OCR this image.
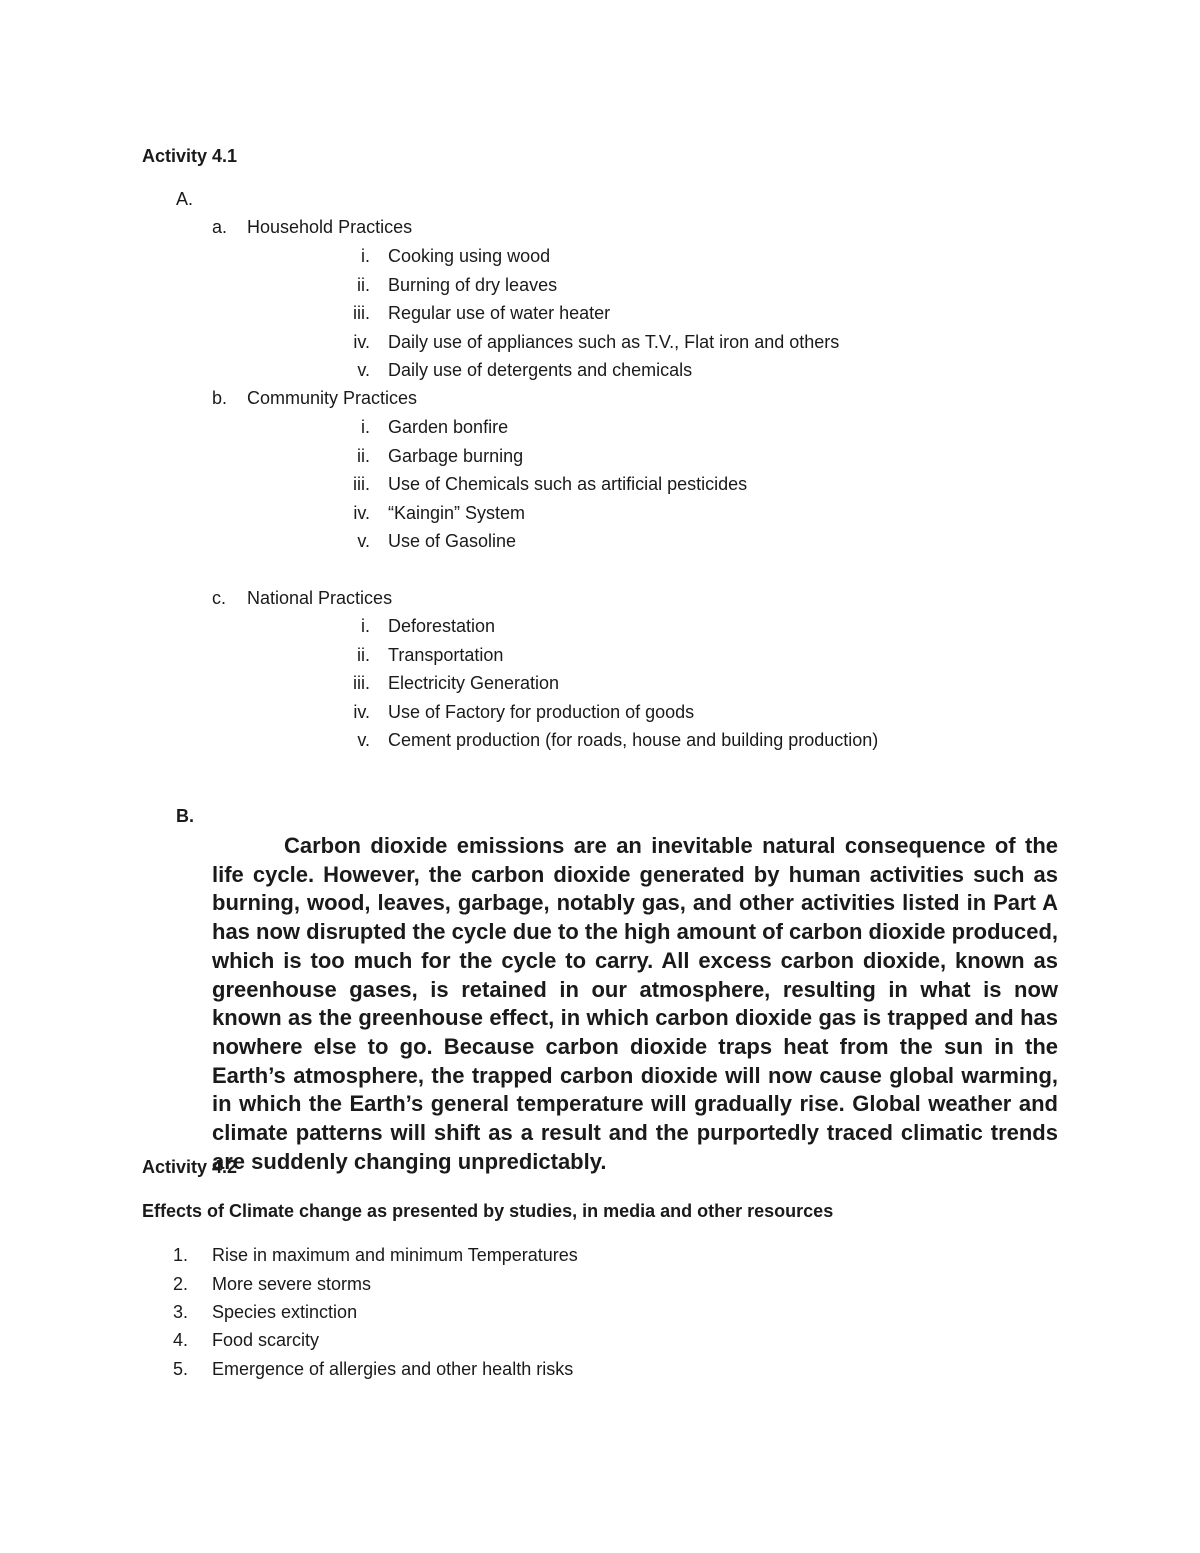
Activity 4.1
A.
a. Household Practices
i. Cooking using wood
ii. Burning of dry leaves
iii. Regular use of water heater
iv. Daily use of appliances such as T.V., Flat iron and others
v. Daily use of detergents and chemicals
b. Community Practices
i. Garden bonfire
ii. Garbage burning
iii. Use of Chemicals such as artificial pesticides
iv. “Kaingin” System
v. Use of Gasoline
c. National Practices
i. Deforestation
ii. Transportation
iii. Electricity Generation
iv. Use of Factory for production of goods
v. Cement production (for roads, house and building production)
B.
Carbon dioxide emissions are an inevitable natural consequence of the life cycle. However, the carbon dioxide generated by human activities such as burning, wood, leaves, garbage, notably gas, and other activities listed in Part A has now disrupted the cycle due to the high amount of carbon dioxide produced, which is too much for the cycle to carry. All excess carbon dioxide, known as greenhouse gases, is retained in our atmosphere, resulting in what is now known as the greenhouse effect, in which carbon dioxide gas is trapped and has nowhere else to go. Because carbon dioxide traps heat from the sun in the Earth’s atmosphere, the trapped carbon dioxide will now cause global warming, in which the Earth’s general temperature will gradually rise. Global weather and climate patterns will shift as a result and the purportedly traced climatic trends are suddenly changing unpredictably.
Activity 4.2
Effects of Climate change as presented by studies, in media and other resources
1. Rise in maximum and minimum Temperatures
2. More severe storms
3. Species extinction
4. Food scarcity
5. Emergence of allergies and other health risks
